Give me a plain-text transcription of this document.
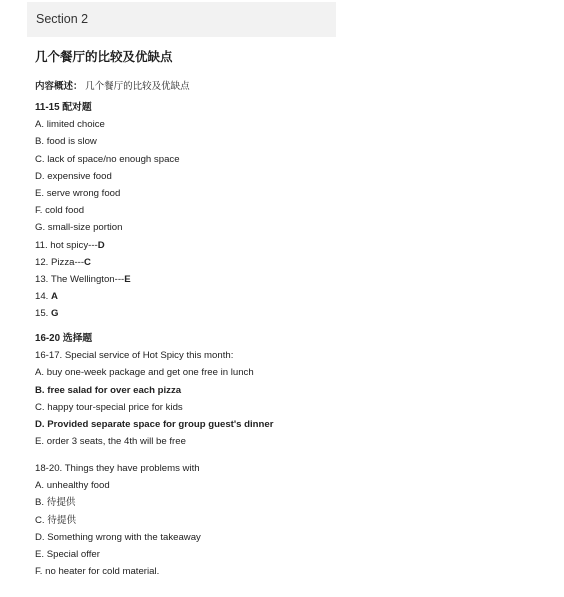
Section 2
几个餐厅的比较及优缺点
内容概述： 几个餐厅的比较及优缺点
11-15 配对题
A. limited choice
B. food is slow
C. lack of space/no enough space
D. expensive food
E. serve wrong food
F. cold food
G. small-size portion
11. hot spicy---D
12. Pizza---C
13. The Wellington---E
14. A
15. G
16-20 选择题
16-17. Special service of Hot Spicy this month:
A. buy one-week package and get one free in lunch
B. free salad for over each pizza
C. happy tour-special price for kids
D. Provided separate space for group guest's dinner
E. order 3 seats, the 4th will be free
18-20. Things they have problems with
A. unhealthy food
B. 待提供
C. 待提供
D. Something wrong with the takeaway
E. Special offer
F. no heater for cold material.
